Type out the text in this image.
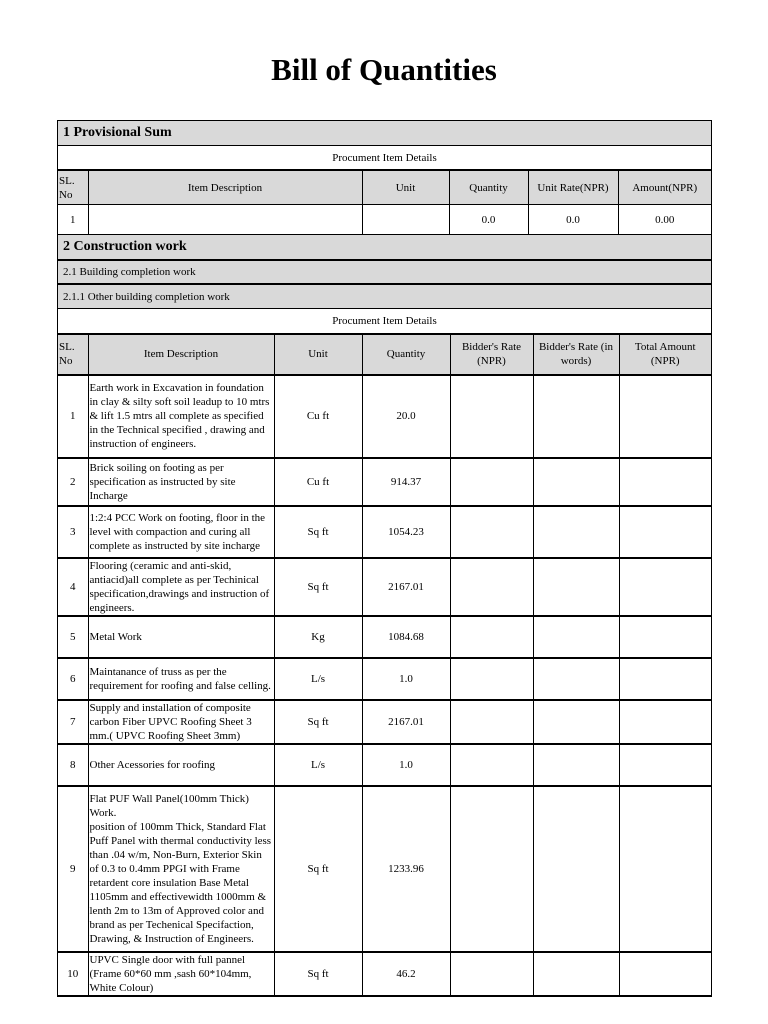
Bill of Quantities
1 Provisional Sum
Procument Item Details
SL. No	Item Description	Unit	Quantity	Unit Rate(NPR)	Amount(NPR)
1			0.0	0.0	0.00
2 Construction work
2.1 Building completion work
2.1.1 Other building completion work
Procument Item Details
SL. No	Item Description	Unit	Quantity	Bidder's Rate (NPR)	Bidder's Rate (in words)	Total Amount (NPR)
1	Earth work in Excavation in foundation in clay & silty soft soil leadup to 10 mtrs & lift 1.5 mtrs all complete as specified in the Technical specified , drawing and instruction of engineers.	Cu ft	20.0			
2	Brick soiling on footing as per specification as instructed by site Incharge	Cu ft	914.37			
3	1:2:4 PCC Work on footing, floor in the level with compaction and curing all complete as instructed by site incharge	Sq ft	1054.23			
4	Flooring (ceramic and anti-skid, antiacid)all complete as per Techinical specification,drawings and instruction of engineers.	Sq ft	2167.01			
5	Metal Work	Kg	1084.68			
6	Maintanance of truss as per the requirement for roofing and false celling.	L/s	1.0			
7	Supply and installation of composite carbon Fiber UPVC Roofing Sheet 3 mm.( UPVC Roofing Sheet 3mm)	Sq ft	2167.01			
8	Other Acessories for roofing	L/s	1.0			
9	Flat PUF Wall Panel(100mm Thick) Work.
position of 100mm Thick, Standard Flat Puff Panel with thermal conductivity less than .04 w/m, Non-Burn, Exterior Skin of 0.3 to 0.4mm PPGI with Frame retardent core insulation Base Metal 1105mm and effectivewidth 1000mm & lenth 2m to 13m of Approved color and brand as per Techenical Specifaction, Drawing, & Instruction of Engineers.	Sq ft	1233.96			
10	UPVC Single door with full pannel (Frame 60*60 mm ,sash 60*104mm, White Colour)	Sq ft	46.2			
